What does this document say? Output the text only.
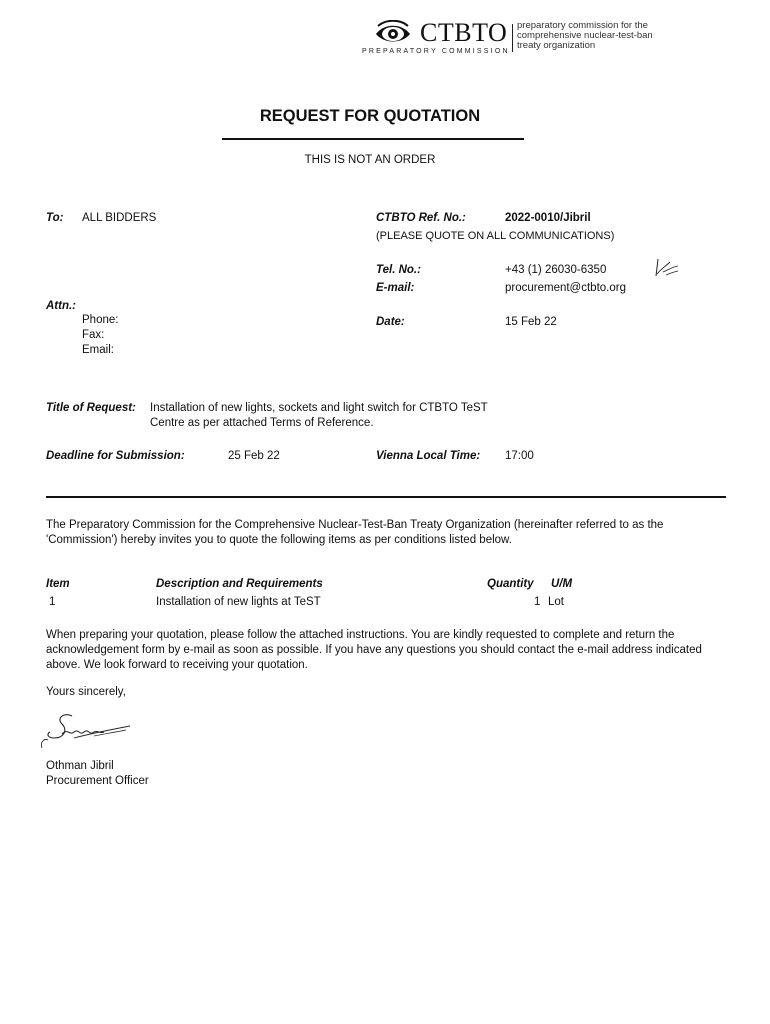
CTBTO
PREPARATORY COMMISSION
preparatory commission for the
comprehensive nuclear-test-ban
treaty organization
REQUEST FOR QUOTATION
THIS IS NOT AN ORDER
To: ALL BIDDERS
Attn.:
Phone:
Fax:
Email:
CTBTO Ref. No.:	2022-0010/Jibril
(PLEASE QUOTE ON ALL COMMUNICATIONS)
Tel. No.:	+43 (1) 26030-6350
E-mail:	procurement@ctbto.org
Date:	15 Feb 22
Title of Request: Installation of new lights, sockets and light switch for CTBTO TeST
Centre as per attached Terms of Reference.
Deadline for Submission:	25 Feb 22	Vienna Local Time: 17:00
The Preparatory Commission for the Comprehensive Nuclear-Test-Ban Treaty Organization (hereinafter referred to as the 'Commission') hereby invites you to quote the following items as per conditions listed below.
Item	Description and Requirements	Quantity U/M
1	Installation of new lights at TeST	1 Lot
When preparing your quotation, please follow the attached instructions. You are kindly requested to complete and return the acknowledgement form by e-mail as soon as possible. If you have any questions you should contact the e-mail address indicated above. We look forward to receiving your quotation.
Yours sincerely,
Othman Jibril
Procurement Officer
